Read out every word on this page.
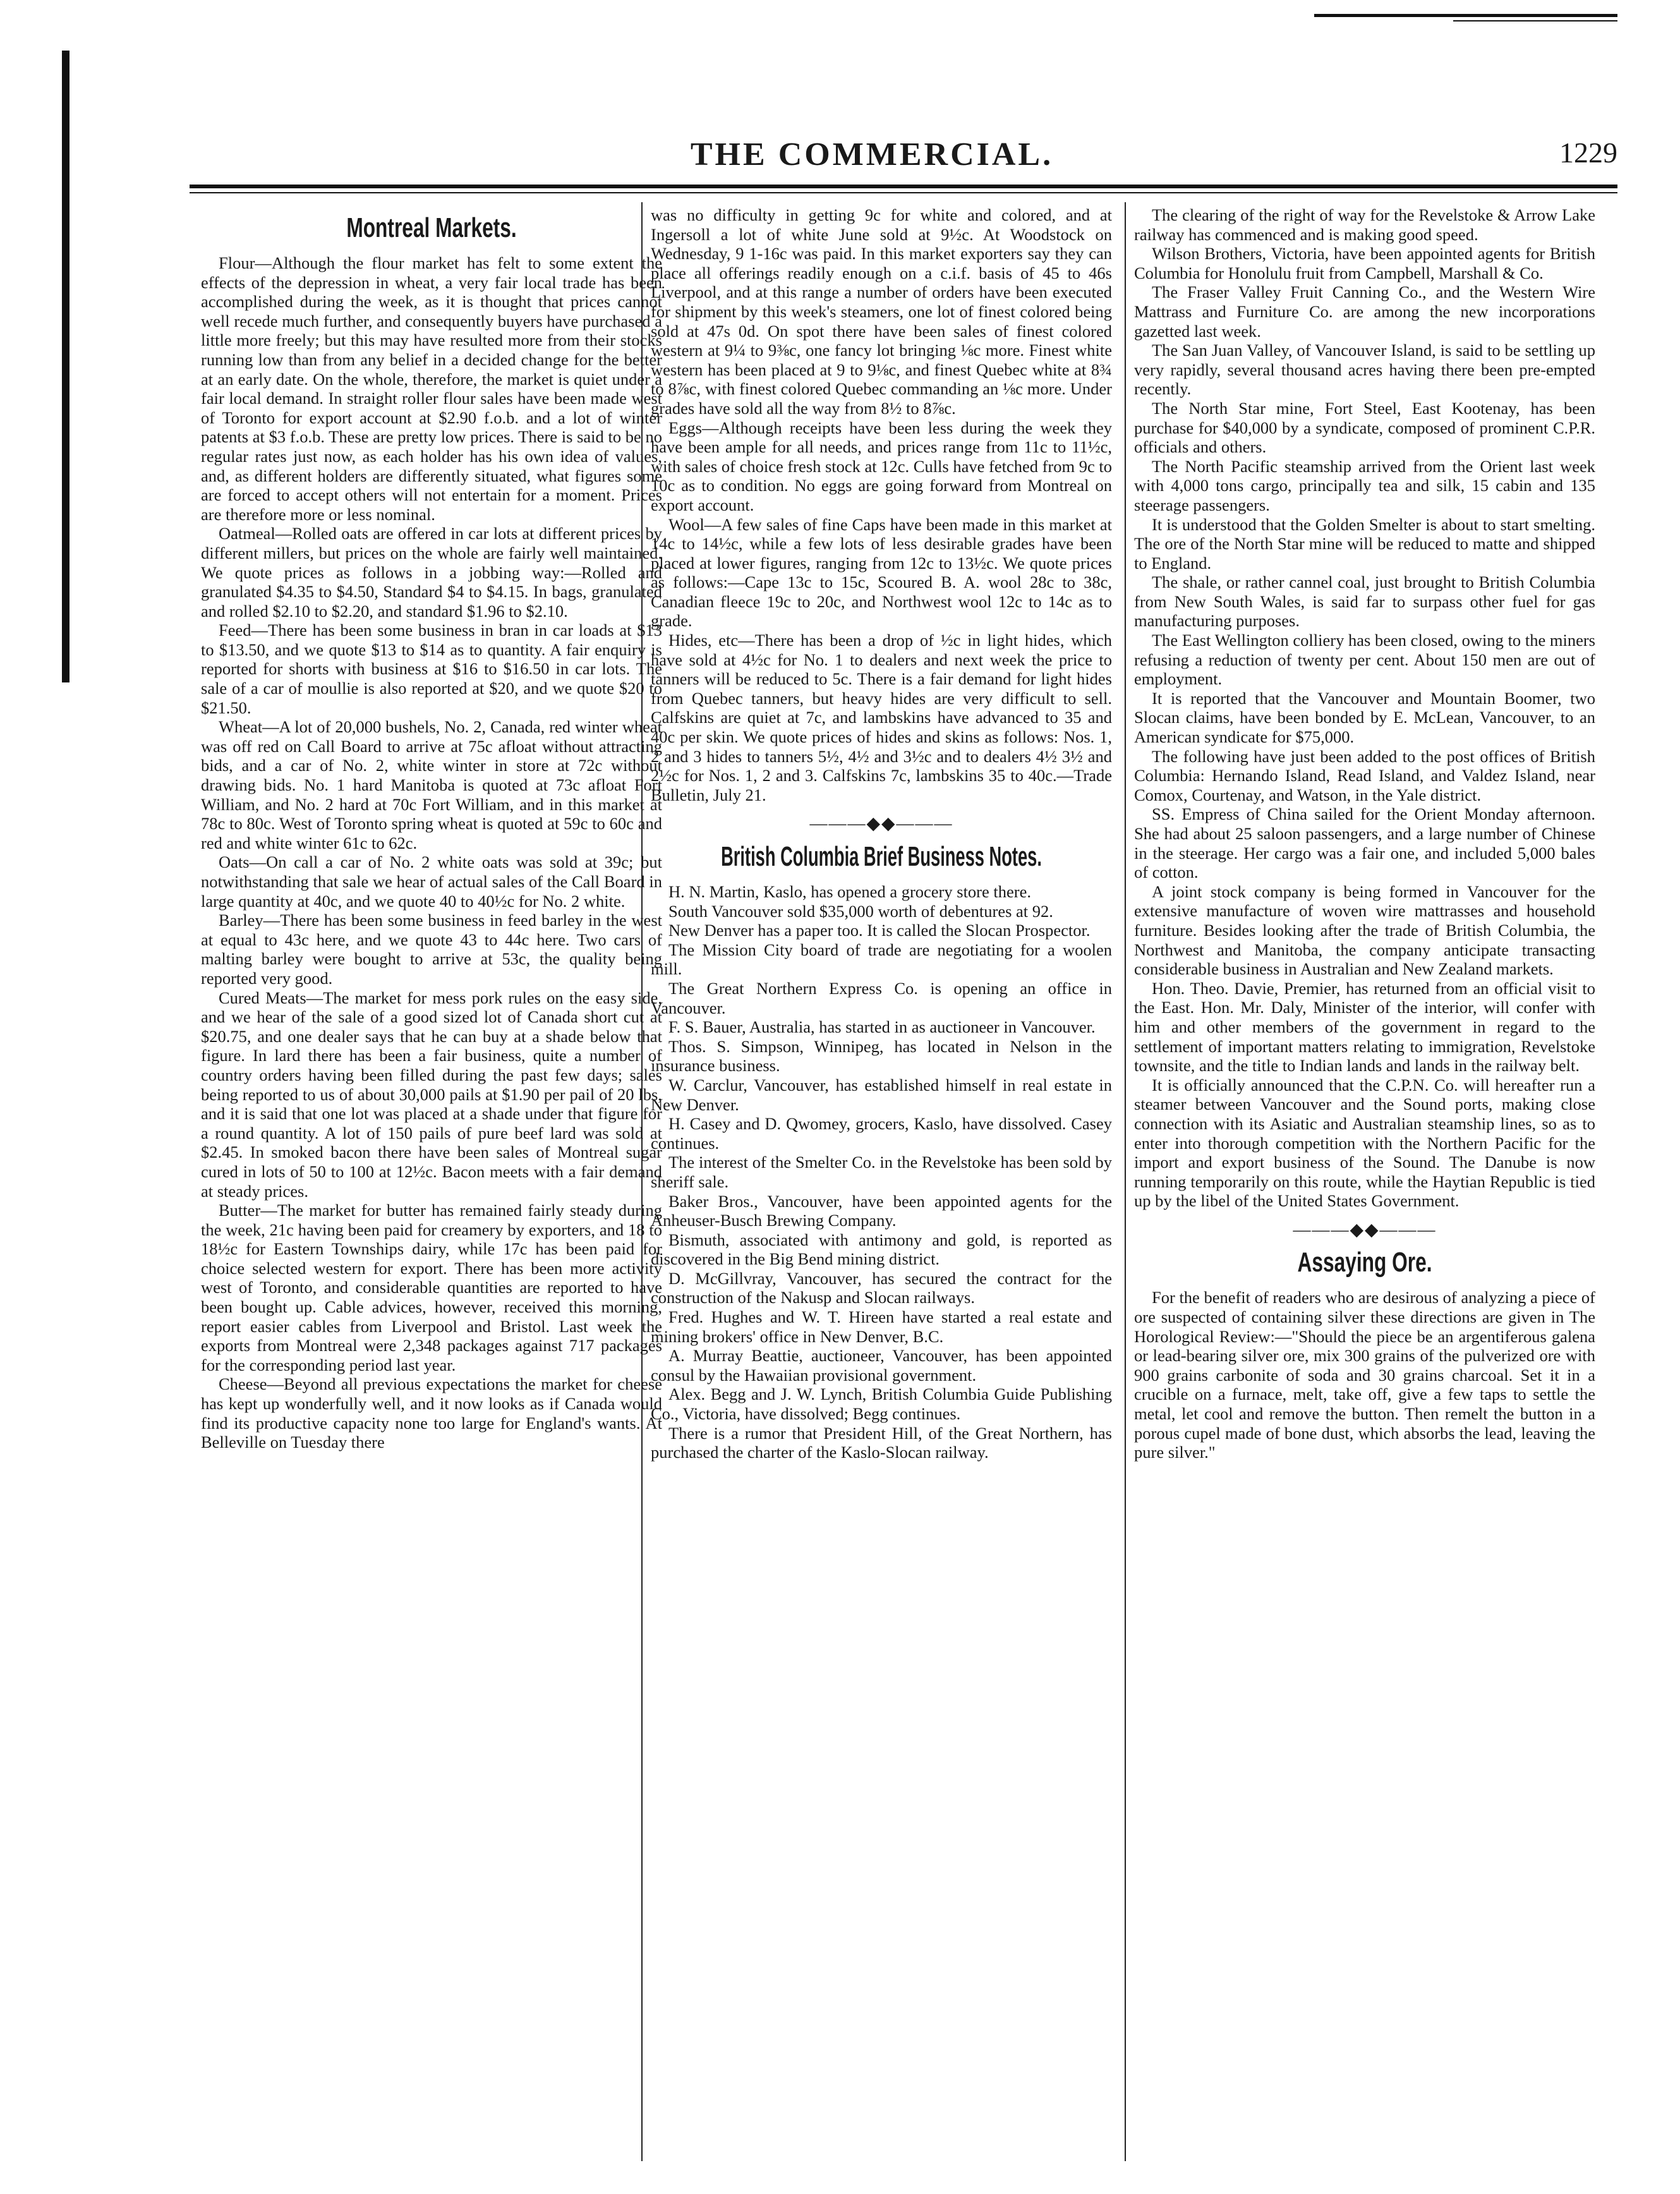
THE COMMERCIAL.	1229
Montreal Markets.

Flour—Although the flour market has felt to some extent the effects of the depression in wheat, a very fair local trade has been accomplished during the week, as it is thought that prices cannot well recede much further, and consequently buyers have purchased a little more freely; but this may have resulted more from their stocks running low than from any belief in a decided change for the better at an early date. On the whole, therefore, the market is quiet under a fair local demand. In straight roller flour sales have been made west of Toronto for export account at $2.90 f.o.b. and a lot of winter patents at $3 f.o.b. These are pretty low prices. There is said to be no regular rates just now, as each holder has his own idea of values, and, as different holders are differently situated, what figures some are forced to accept others will not entertain for a moment. Prices are therefore more or less nominal.

Oatmeal—Rolled oats are offered in car lots at different prices by different millers, but prices on the whole are fairly well maintained. We quote prices as follows in a jobbing way:—Rolled and granulated $4.35 to $4.50, Standard $4 to $4.15. In bags, granulated and rolled $2.10 to $2.20, and standard $1.96 to $2.10.

Feed—There has been some business in bran in car loads at $13 to $13.50, and we quote $13 to $14 as to quantity. A fair enquiry is reported for shorts with business at $16 to $16.50 in car lots. The sale of a car of moullie is also reported at $20, and we quote $20 to $21.50.

Wheat—A lot of 20,000 bushels, No. 2, Canada, red winter wheat was off red on Call Board to arrive at 75c afloat without attracting bids, and a car of No. 2, white winter in store at 72c without drawing bids. No. 1 hard Manitoba is quoted at 73c afloat Fort William, and No. 2 hard at 70c Fort William, and in this market at 78c to 80c. West of Toronto spring wheat is quoted at 59c to 60c and red and white winter 61c to 62c.

Oats—On call a car of No. 2 white oats was sold at 39c; but notwithstanding that sale we hear of actual sales of the Call Board in large quantity at 40c, and we quote 40 to 40½c for No. 2 white.

Barley—There has been some business in feed barley in the west at equal to 43c here, and we quote 43 to 44c here. Two cars of malting barley were bought to arrive at 53c, the quality being reported very good.

Cured Meats—The market for mess pork rules on the easy side, and we hear of the sale of a good sized lot of Canada short cut at $20.75, and one dealer says that he can buy at a shade below that figure. In lard there has been a fair business, quite a number of country orders having been filled during the past few days; sales being reported to us of about 30,000 pails at $1.90 per pail of 20 lbs, and it is said that one lot was placed at a shade under that figure for a round quantity. A lot of 150 pails of pure beef lard was sold at $2.45. In smoked bacon there have been sales of Montreal sugar cured in lots of 50 to 100 at 12½c. Bacon meets with a fair demand at steady prices.

Butter—The market for butter has remained fairly steady during the week, 21c having been paid for creamery by exporters, and 18 to 18½c for Eastern Townships dairy, while 17c has been paid for choice selected western for export. There has been more activity west of Toronto, and considerable quantities are reported to have been bought up. Cable advices, however, received this morning, report easier cables from Liverpool and Bristol. Last week the exports from Montreal were 2,348 packages against 717 packages for the corresponding period last year.

Cheese—Beyond all previous expectations the market for cheese has kept up wonderfully well, and it now looks as if Canada would find its productive capacity none too large for England's wants. At Belleville on Tuesday there

was no difficulty in getting 9c for white and colored, and at Ingersoll a lot of white June sold at 9½c. At Woodstock on Wednesday, 9 1-16c was paid. In this market exporters say they can place all offerings readily enough on a c.i.f. basis of 45 to 46s Liverpool, and at this range a number of orders have been executed for shipment by this week's steamers, one lot of finest colored being sold at 47s 0d. On spot there have been sales of finest colored western at 9¼ to 9⅜c, one fancy lot bringing ⅛c more. Finest white western has been placed at 9 to 9⅛c, and finest Quebec white at 8¾ to 8⅞c, with finest colored Quebec commanding an ⅛c more. Under grades have sold all the way from 8½ to 8⅞c.

Eggs—Although receipts have been less during the week they have been ample for all needs, and prices range from 11c to 11½c, with sales of choice fresh stock at 12c. Culls have fetched from 9c to 10c as to condition. No eggs are going forward from Montreal on export account.

Wool—A few sales of fine Caps have been made in this market at 14c to 14½c, while a few lots of less desirable grades have been placed at lower figures, ranging from 12c to 13½c. We quote prices as follows:—Cape 13c to 15c, Scoured B. A. wool 28c to 38c, Canadian fleece 19c to 20c, and Northwest wool 12c to 14c as to grade.

Hides, etc—There has been a drop of ½c in light hides, which have sold at 4½c for No. 1 to dealers and next week the price to tanners will be reduced to 5c. There is a fair demand for light hides from Quebec tanners, but heavy hides are very difficult to sell. Calfskins are quiet at 7c, and lambskins have advanced to 35 and 40c per skin. We quote prices of hides and skins as follows: Nos. 1, 2 and 3 hides to tanners 5½, 4½ and 3½c and to dealers 4½ 3½ and 2½c for Nos. 1, 2 and 3. Calfskins 7c, lambskins 35 to 40c.—Trade Bulletin, July 21.

———◆◆———
British Columbia Brief Business Notes.

H. N. Martin, Kaslo, has opened a grocery store there.

South Vancouver sold $35,000 worth of debentures at 92.

New Denver has a paper too. It is called the Slocan Prospector.

The Mission City board of trade are negotiating for a woolen mill.

The Great Northern Express Co. is opening an office in Vancouver.

F. S. Bauer, Australia, has started in as auctioneer in Vancouver.

Thos. S. Simpson, Winnipeg, has located in Nelson in the insurance business.

W. Carclur, Vancouver, has established himself in real estate in New Denver.

H. Casey and D. Qwomey, grocers, Kaslo, have dissolved. Casey continues.

The interest of the Smelter Co. in the Revelstoke has been sold by sheriff sale.

Baker Bros., Vancouver, have been appointed agents for the Anheuser-Busch Brewing Company.

Bismuth, associated with antimony and gold, is reported as discovered in the Big Bend mining district.

D. McGillvray, Vancouver, has secured the contract for the construction of the Nakusp and Slocan railways.

Fred. Hughes and W. T. Hireen have started a real estate and mining brokers' office in New Denver, B.C.

A. Murray Beattie, auctioneer, Vancouver, has been appointed consul by the Hawaiian provisional government.

Alex. Begg and J. W. Lynch, British Columbia Guide Publishing Co., Victoria, have dissolved; Begg continues.

There is a rumor that President Hill, of the Great Northern, has purchased the charter of the Kaslo-Slocan railway.

The clearing of the right of way for the Revelstoke & Arrow Lake railway has commenced and is making good speed.

Wilson Brothers, Victoria, have been appointed agents for British Columbia for Honolulu fruit from Campbell, Marshall & Co.

The Fraser Valley Fruit Canning Co., and the Western Wire Mattrass and Furniture Co. are among the new incorporations gazetted last week.

The San Juan Valley, of Vancouver Island, is said to be settling up very rapidly, several thousand acres having there been pre-empted recently.

The North Star mine, Fort Steel, East Kootenay, has been purchase for $40,000 by a syndicate, composed of prominent C.P.R. officials and others.

The North Pacific steamship arrived from the Orient last week with 4,000 tons cargo, principally tea and silk, 15 cabin and 135 steerage passengers.

It is understood that the Golden Smelter is about to start smelting. The ore of the North Star mine will be reduced to matte and shipped to England.

The shale, or rather cannel coal, just brought to British Columbia from New South Wales, is said far to surpass other fuel for gas manufacturing purposes.

The East Wellington colliery has been closed, owing to the miners refusing a reduction of twenty per cent. About 150 men are out of employment.

It is reported that the Vancouver and Mountain Boomer, two Slocan claims, have been bonded by E. McLean, Vancouver, to an American syndicate for $75,000.

The following have just been added to the post offices of British Columbia: Hernando Island, Read Island, and Valdez Island, near Comox, Courtenay, and Watson, in the Yale district.

SS. Empress of China sailed for the Orient Monday afternoon. She had about 25 saloon passengers, and a large number of Chinese in the steerage. Her cargo was a fair one, and included 5,000 bales of cotton.

A joint stock company is being formed in Vancouver for the extensive manufacture of woven wire mattrasses and household furniture. Besides looking after the trade of British Columbia, the Northwest and Manitoba, the company anticipate transacting considerable business in Australian and New Zealand markets.

Hon. Theo. Davie, Premier, has returned from an official visit to the East. Hon. Mr. Daly, Minister of the interior, will confer with him and other members of the government in regard to the settlement of important matters relating to immigration, Revelstoke townsite, and the title to Indian lands and lands in the railway belt.

It is officially announced that the C.P.N. Co. will hereafter run a steamer between Vancouver and the Sound ports, making close connection with its Asiatic and Australian steamship lines, so as to enter into thorough competition with the Northern Pacific for the import and export business of the Sound. The Danube is now running temporarily on this route, while the Haytian Republic is tied up by the libel of the United States Government.

———◆◆———
Assaying Ore.

For the benefit of readers who are desirous of analyzing a piece of ore suspected of containing silver these directions are given in The Horological Review:—"Should the piece be an argentiferous galena or lead-bearing silver ore, mix 300 grains of the pulverized ore with 900 grains carbonite of soda and 30 grains charcoal. Set it in a crucible on a furnace, melt, take off, give a few taps to settle the metal, let cool and remove the button. Then remelt the button in a porous cupel made of bone dust, which absorbs the lead, leaving the pure silver."
